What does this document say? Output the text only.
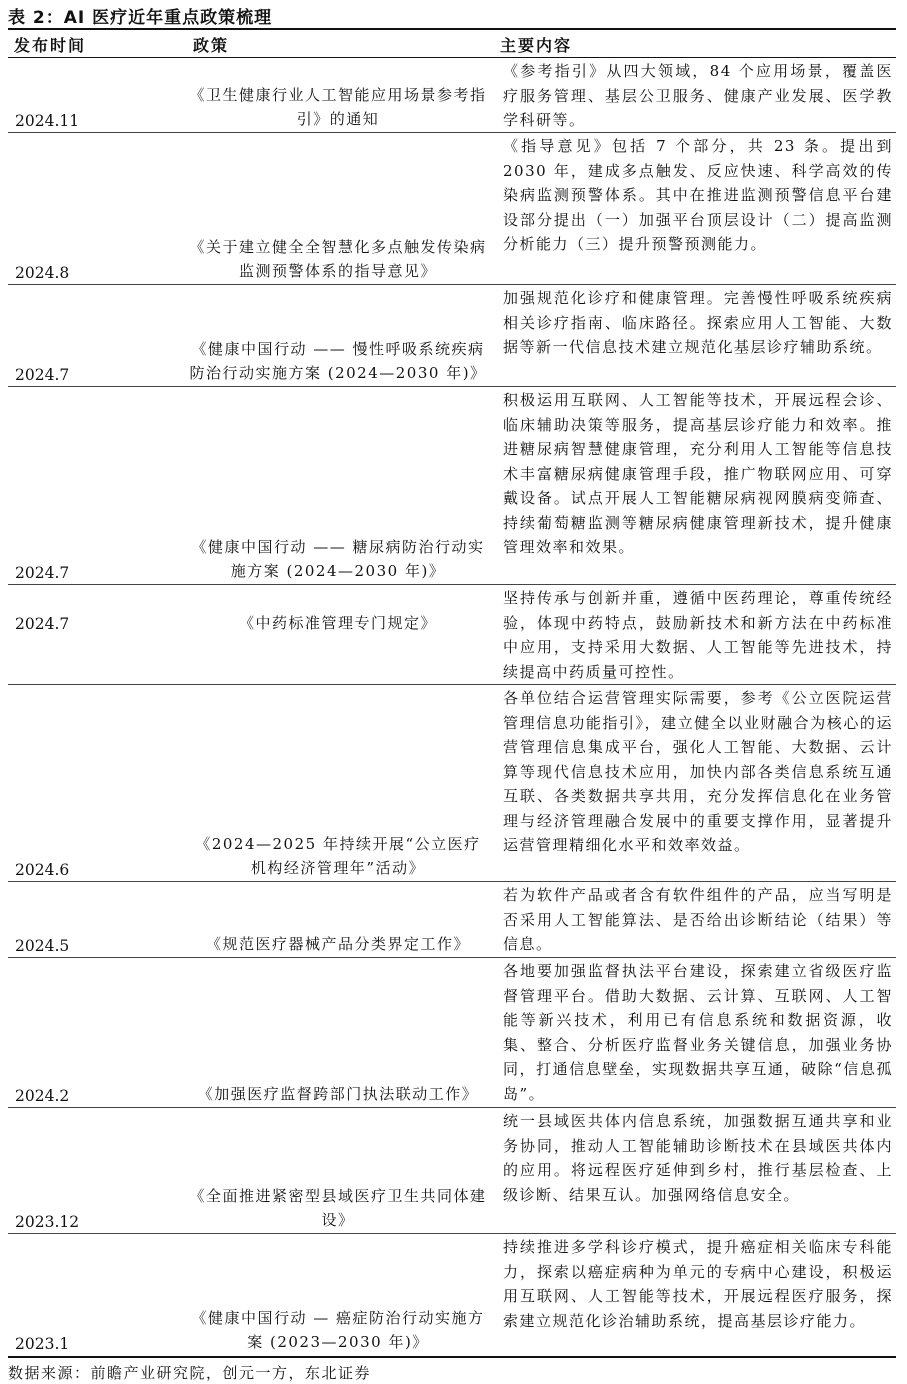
表 2：AI 医疗近年重点政策梳理
发布时间	政策	主要内容
《参考指引》从四大领域，84 个应用场景，覆盖医疗服务管理、基层公卫服务、健康产业发展、医学教学科研等。
《卫生健康行业人工智能应用场景参考指引》的通知
2024.11
《指导意见》包括 7 个部分，共 23 条。提出到 2030 年，建成多点触发、反应快速、科学高效的传染病监测预警体系。其中在推进监测预警信息平台建设部分提出（一）加强平台顶层设计（二）提高监测分析能力（三）提升预警预测能力。
《关于建立健全全智慧化多点触发传染病监测预警体系的指导意见》
2024.8
加强规范化诊疗和健康管理。完善慢性呼吸系统疾病相关诊疗指南、临床路径。探索应用人工智能、大数据等新一代信息技术建立规范化基层诊疗辅助系统。
《健康中国行动 —— 慢性呼吸系统疾病防治行动实施方案 (2024—2030 年)》
2024.7
积极运用互联网、人工智能等技术，开展远程会诊、临床辅助决策等服务，提高基层诊疗能力和效率。推进糖尿病智慧健康管理，充分利用人工智能等信息技术丰富糖尿病健康管理手段，推广物联网应用、可穿戴设备。试点开展人工智能糖尿病视网膜病变筛查、持续葡萄糖监测等糖尿病健康管理新技术，提升健康管理效率和效果。
《健康中国行动 —— 糖尿病防治行动实施方案 (2024—2030 年)》
2024.7
坚持传承与创新并重，遵循中医药理论，尊重传统经验，体现中药特点，鼓励新技术和新方法在中药标准中应用，支持采用大数据、人工智能等先进技术，持续提高中药质量可控性。
《中药标准管理专门规定》
2024.7
各单位结合运营管理实际需要，参考《公立医院运营管理信息功能指引》，建立健全以业财融合为核心的运营管理信息集成平台，强化人工智能、大数据、云计算等现代信息技术应用，加快内部各类信息系统互通互联、各类数据共享共用，充分发挥信息化在业务管理与经济管理融合发展中的重要支撑作用，显著提升运营管理精细化水平和效率效益。
《2024—2025 年持续开展“公立医疗机构经济管理年”活动》
2024.6
若为软件产品或者含有软件组件的产品，应当写明是否采用人工智能算法、是否给出诊断结论（结果）等信息。
《规范医疗器械产品分类界定工作》
2024.5
各地要加强监督执法平台建设，探索建立省级医疗监督管理平台。借助大数据、云计算、互联网、人工智能等新兴技术，利用已有信息系统和数据资源，收集、整合、分析医疗监督业务关键信息，加强业务协同，打通信息壁垒，实现数据共享互通，破除“信息孤岛”。
《加强医疗监督跨部门执法联动工作》
2024.2
统一县域医共体内信息系统，加强数据互通共享和业务协同，推动人工智能辅助诊断技术在县域医共体内的应用。将远程医疗延伸到乡村，推行基层检查、上级诊断、结果互认。加强网络信息安全。
《全面推进紧密型县域医疗卫生共同体建设》
2023.12
持续推进多学科诊疗模式，提升癌症相关临床专科能力，探索以癌症病种为单元的专病中心建设，积极运用互联网、人工智能等技术，开展远程医疗服务，探索建立规范化诊治辅助系统，提高基层诊疗能力。
《健康中国行动 — 癌症防治行动实施方案 (2023—2030 年)》
2023.1
数据来源：前瞻产业研究院，创元一方，东北证券
